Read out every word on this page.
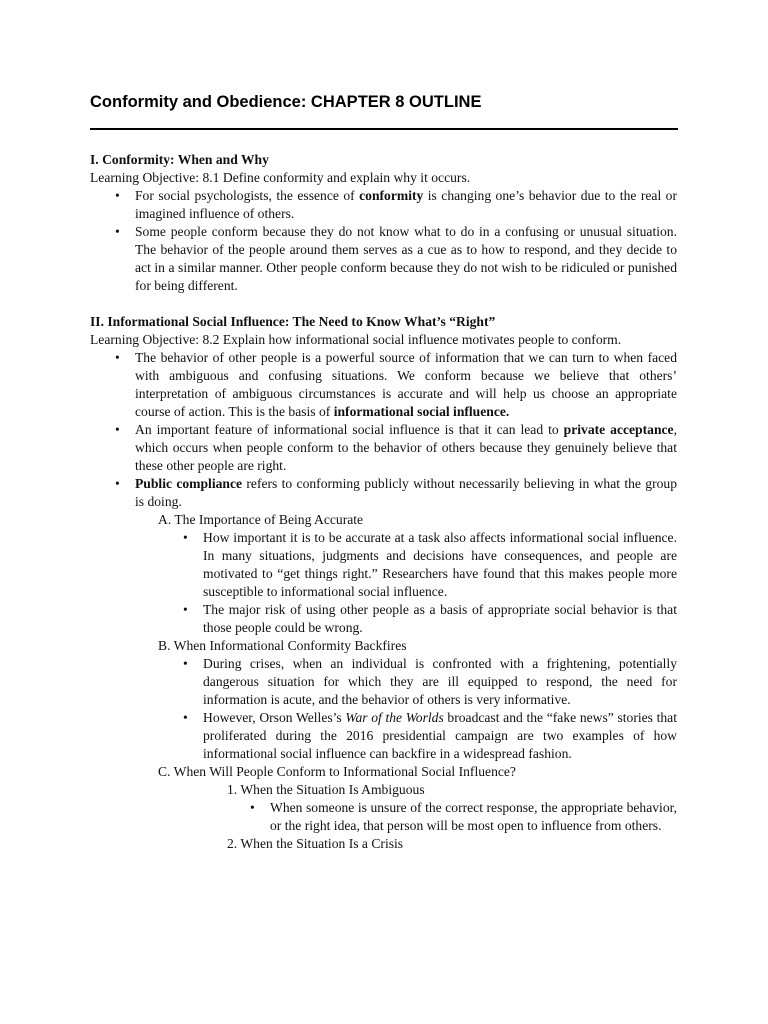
Conformity and Obedience: CHAPTER 8 OUTLINE
I. Conformity: When and Why
Learning Objective: 8.1 Define conformity and explain why it occurs.
• For social psychologists, the essence of conformity is changing one’s behavior due to the real or imagined influence of others.
• Some people conform because they do not know what to do in a confusing or unusual situation. The behavior of the people around them serves as a cue as to how to respond, and they decide to act in a similar manner. Other people conform because they do not wish to be ridiculed or punished for being different.
II. Informational Social Influence: The Need to Know What’s “Right”
Learning Objective: 8.2 Explain how informational social influence motivates people to conform.
• The behavior of other people is a powerful source of information that we can turn to when faced with ambiguous and confusing situations. We conform because we believe that others’ interpretation of ambiguous circumstances is accurate and will help us choose an appropriate course of action. This is the basis of informational social influence.
• An important feature of informational social influence is that it can lead to private acceptance, which occurs when people conform to the behavior of others because they genuinely believe that these other people are right.
• Public compliance refers to conforming publicly without necessarily believing in what the group is doing.
A. The Importance of Being Accurate
• How important it is to be accurate at a task also affects informational social influence. In many situations, judgments and decisions have consequences, and people are motivated to “get things right.” Researchers have found that this makes people more susceptible to informational social influence.
• The major risk of using other people as a basis of appropriate social behavior is that those people could be wrong.
B. When Informational Conformity Backfires
• During crises, when an individual is confronted with a frightening, potentially dangerous situation for which they are ill equipped to respond, the need for information is acute, and the behavior of others is very informative.
• However, Orson Welles’s War of the Worlds broadcast and the “fake news” stories that proliferated during the 2016 presidential campaign are two examples of how informational social influence can backfire in a widespread fashion.
C. When Will People Conform to Informational Social Influence?
1. When the Situation Is Ambiguous
• When someone is unsure of the correct response, the appropriate behavior, or the right idea, that person will be most open to influence from others.
2. When the Situation Is a Crisis
